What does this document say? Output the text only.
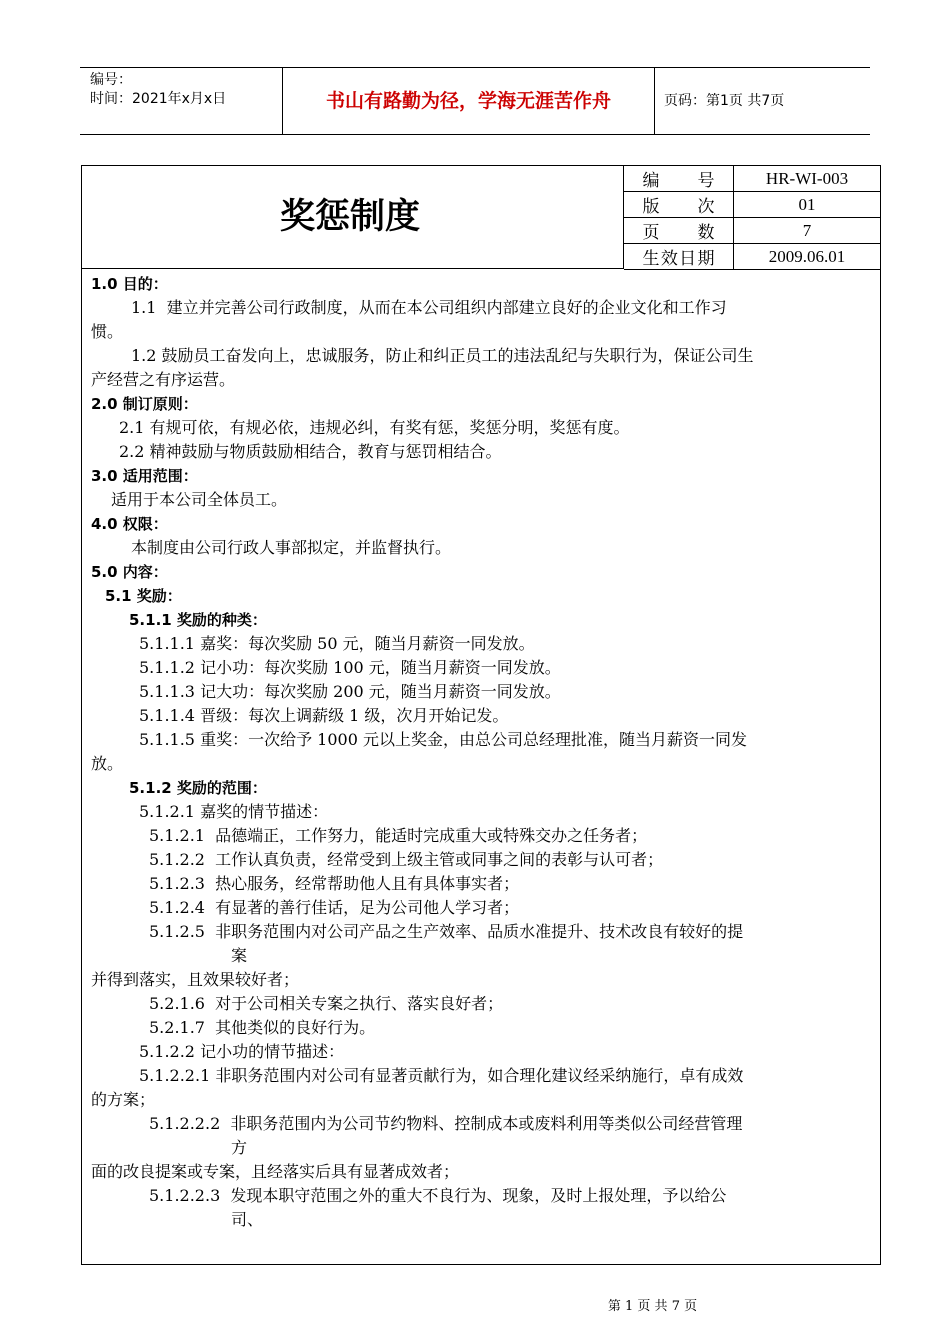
编号：
时间：2021年x月x日	书山有路勤为径，学海无涯苦作舟	页码：第1页 共7页
奖惩制度
编号	HR-WI-003
版次	01
页数	7
生效日期	2009.06.01

1.0 目的：

1.1  建立并完善公司行政制度，从而在本公司组织内部建立良好的企业文化和工作习

惯。

1.2 鼓励员工奋发向上，忠诚服务，防止和纠正员工的违法乱纪与失职行为，保证公司生

产经营之有序运营。

2.0 制订原则：

2.1 有规可依，有规必依，违规必纠，有奖有惩，奖惩分明，奖惩有度。

2.2 精神鼓励与物质鼓励相结合，教育与惩罚相结合。

3.0 适用范围：

适用于本公司全体员工。

4.0 权限：

本制度由公司行政人事部拟定，并监督执行。

5.0 内容：

5.1 奖励：

5.1.1 奖励的种类：

5.1.1.1 嘉奖：每次奖励 50 元，随当月薪资一同发放。

5.1.1.2 记小功：每次奖励 100 元，随当月薪资一同发放。

5.1.1.3 记大功：每次奖励 200 元，随当月薪资一同发放。

5.1.1.4 晋级：每次上调薪级 1 级，次月开始记发。

5.1.1.5 重奖：一次给予 1000 元以上奖金，由总公司总经理批准，随当月薪资一同发

放。

5.1.2 奖励的范围：

5.1.2.1 嘉奖的情节描述：

5.1.2.1  品德端正，工作努力，能适时完成重大或特殊交办之任务者；

5.1.2.2  工作认真负责，经常受到上级主管或同事之间的表彰与认可者；

5.1.2.3  热心服务，经常帮助他人且有具体事实者；

5.1.2.4  有显著的善行佳话，足为公司他人学习者；

5.1.2.5  非职务范围内对公司产品之生产效率、品质水准提升、技术改良有较好的提

案

并得到落实，且效果较好者；

5.2.1.6  对于公司相关专案之执行、落实良好者；

5.2.1.7  其他类似的良好行为。

5.1.2.2 记小功的情节描述：

5.1.2.2.1 非职务范围内对公司有显著贡献行为，如合理化建议经采纳施行，卓有成效

的方案；

5.1.2.2.2  非职务范围内为公司节约物料、控制成本或废料利用等类似公司经营管理

方

面的改良提案或专案，且经落实后具有显著成效者；

5.1.2.2.3  发现本职守范围之外的重大不良行为、现象，及时上报处理，予以给公

司、

第 1 页 共 7 页
